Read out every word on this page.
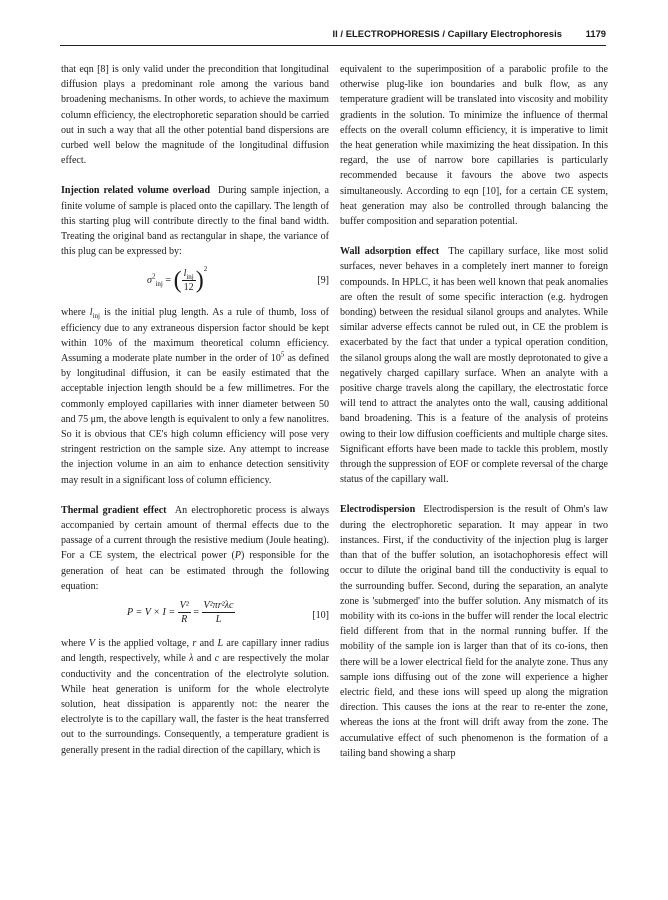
II / ELECTROPHORESIS / Capillary Electrophoresis	1179

that eqn [8] is only valid under the precondition that longitudinal diffusion plays a predominant role among the various band broadening mechanisms. In other words, to achieve the maximum column efficiency, the electrophoretic separation should be carried out in such a way that all the other potential band dispersions are curbed well below the magnitude of the longitudinal diffusion effect.

Injection related volume overload During sample injection, a finite volume of sample is placed onto the capillary. The length of this starting plug will contribute directly to the final band width. Treating the original band as rectangular in shape, the variance of this plug can be expressed by:

$\sigma^2_{inj}$ = ( $\frac{l_{inj}}{12} )^2$
[9]

where $l_{inj}$ is the initial plug length. As a rule of thumb, loss of efficiency due to any extraneous dispersion factor should be kept within 10% of the maximum theoretical column efficiency. Assuming a moderate plate number in the order of $10^5$ as defined by longitudinal diffusion, it can be easily estimated that the acceptable injection length should be a few millimetres. For the commonly employed capillaries with inner diameter between 50 and 75 μm, the above length is equivalent to only a few nanolitres. So it is obvious that CE's high column efficiency will pose very stringent restriction on the sample size. Any attempt to increase the injection volume in an aim to enhance detection sensitivity may result in a significant loss of column efficiency.

Thermal gradient effect An electrophoretic process is always accompanied by certain amount of thermal effects due to the passage of a current through the resistive medium (Joule heating). For a CE system, the electrical power (P) responsible for the generation of heat can be estimated through the following equation:

$P = V \times I = \frac{\text{V²}}{R} = \frac{\text{V²πr²λc}}{L}$	[10]

where V is the applied voltage, r and L are capillary inner radius and length, respectively, while λ and c are respectively the molar conductivity and the concentration of the electrolyte solution. While heat generation is uniform for the whole electrolyte solution, heat dissipation is apparently not: the nearer the electrolyte is to the capillary wall, the faster is the heat transferred out to the surroundings. Consequently, a temperature gradient is generally present in the radial direction of the capillary, which is

equivalent to the superimposition of a parabolic profile to the otherwise plug-like ion boundaries and bulk flow, as any temperature gradient will be translated into viscosity and mobility gradients in the solution. To minimize the influence of thermal effects on the overall column efficiency, it is imperative to limit the heat generation while maximizing the heat dissipation. In this regard, the use of narrow bore capillaries is particularly recommended because it favours the above two aspects simultaneously. According to eqn [10], for a certain CE system, heat generation may also be controlled through balancing the buffer composition and separation potential.

Wall adsorption effect The capillary surface, like most solid surfaces, never behaves in a completely inert manner to foreign compounds. In HPLC, it has been well known that peak anomalies are often the result of some specific interaction (e.g. hydrogen bonding) between the residual silanol groups and analytes. While similar adverse effects cannot be ruled out, in CE the problem is exacerbated by the fact that under a typical operation condition, the silanol groups along the wall are mostly deprotonated to give a negatively charged capillary surface. When an analyte with a positive charge travels along the capillary, the electrostatic force will tend to attract the analytes onto the wall, causing additional band broadening. This is a feature of the analysis of proteins owing to their low diffusion coefficients and multiple charge sites. Significant efforts have been made to tackle this problem, mostly through the suppression of EOF or complete reversal of the charge status of the capillary wall.

Electrodispersion Electrodispersion is the result of Ohm's law during the electrophoretic separation. It may appear in two instances. First, if the conductivity of the injection plug is larger than that of the buffer solution, an isotachophoresis effect will occur to dilute the original band till the conductivity is equal to the surrounding buffer. Second, during the separation, an analyte zone is 'submerged' into the buffer solution. Any mismatch of its mobility with its co-ions in the buffer will render the local electric field different from that in the normal running buffer. If the mobility of the sample ion is larger than that of its co-ions, then there will be a lower electrical field for the analyte zone. Thus any sample ions diffusing out of the zone will experience a higher electric field, and these ions will speed up along the migration direction. This causes the ions at the rear to re-enter the zone, whereas the ions at the front will drift away from the zone. The accumulative effect of such phenomenon is the formation of a tailing band showing a sharp
